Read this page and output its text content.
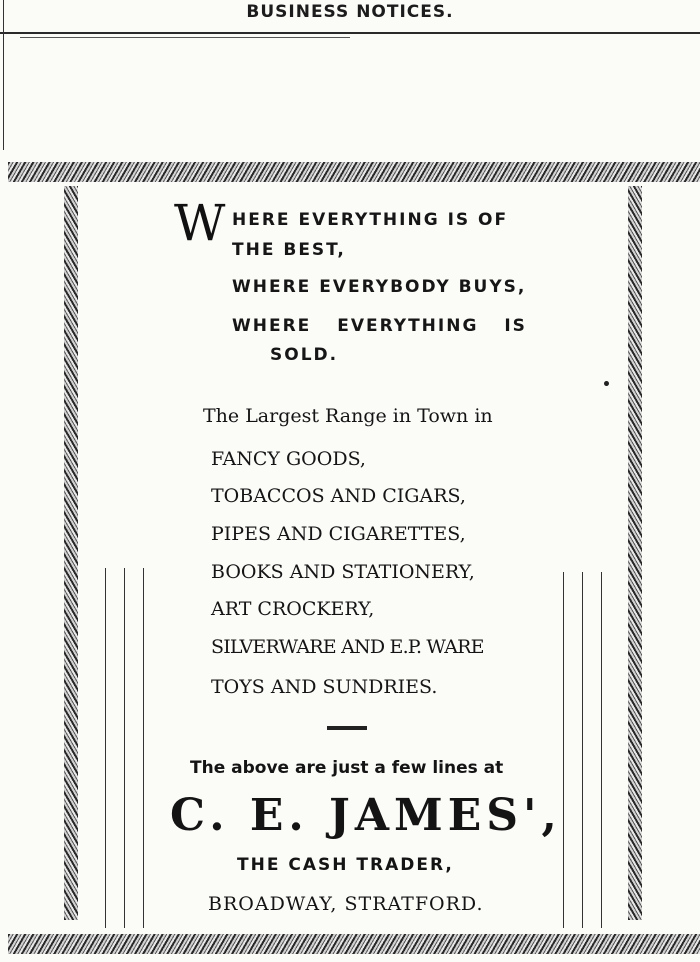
BUSINESS NOTICES.
W HERE EVERYTHING IS OF
THE BEST,
WHERE EVERYBODY BUYS,
WHERE EVERYTHING IS
SOLD.
The Largest Range in Town in
FANCY GOODS,
TOBACCOS AND CIGARS,
PIPES AND CIGARETTES,
BOOKS AND STATIONERY,
ART CROCKERY,
SILVERWARE AND E.P. WARE
TOYS AND SUNDRIES.
The above are just a few lines at
C. E. JAMES',
THE CASH TRADER,
BROADWAY, STRATFORD.
